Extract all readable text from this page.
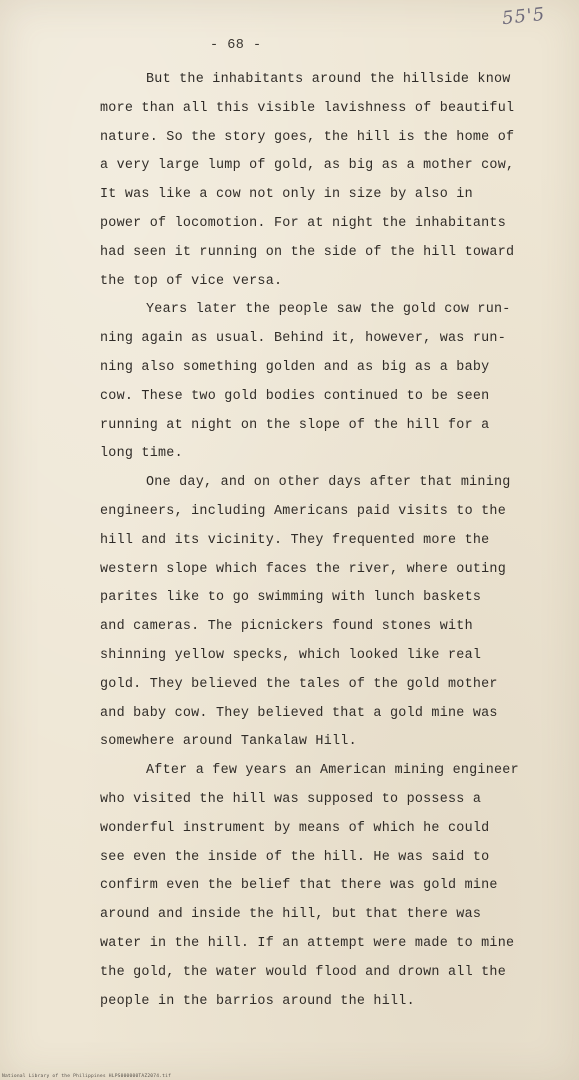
55'5
- 68 -
But the inhabitants around the hillside know
more than all this visible lavishness of beautiful
nature. So the story goes, the hill is the home of
a very large lump of gold, as big as a mother cow,
It was like a cow not only in size by also in
power of locomotion. For at night the inhabitants
had seen it running on the side of the hill toward
the top of vice versa.
Years later the people saw the gold cow run-
ning again as usual. Behind it, however, was run-
ning also something golden and as big as a baby
cow. These two gold bodies continued to be seen
running at night on the slope of the hill for a
long time.
One day, and on other days after that mining
engineers, including Americans paid visits to the
hill and its vicinity. They frequented more the
western slope which faces the river, where outing
parites like to go swimming with lunch baskets
and cameras. The picnickers found stones with
shinning yellow specks, which looked like real
gold. They believed the tales of the gold mother
and baby cow. They believed that a gold mine was
somewhere around Tankalaw Hill.
After a few years an American mining engineer
who visited the hill was supposed to possess a
wonderful instrument by means of which he could
see even the inside of the hill. He was said to
confirm even the belief that there was gold mine
around and inside the hill, but that there was
water in the hill. If an attempt were made to mine
the gold, the water would flood and drown all the
people in the barrios around the hill.
National Library of the Philippines HLPS000000TAZ2074.tif
